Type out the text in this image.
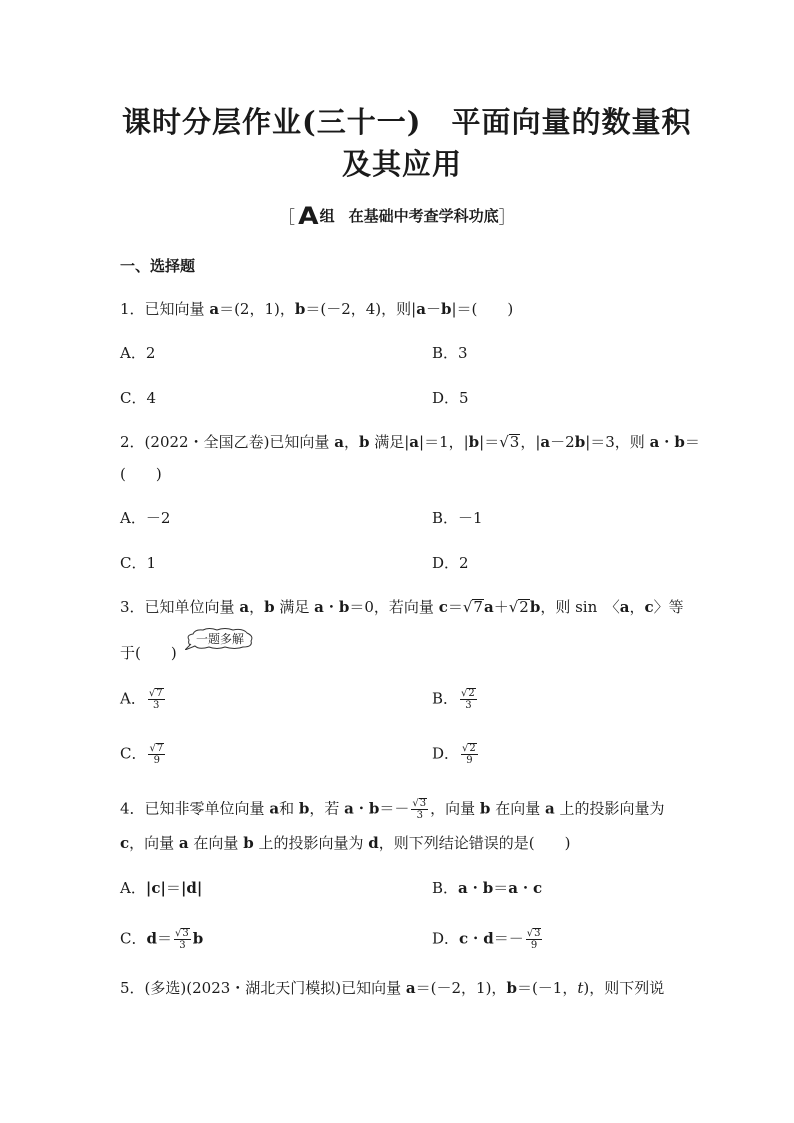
课时分层作业(三十一)　平面向量的数量积
及其应用
［ A 组 在基础中考查学科功底 ］
一、选择题
1．已知向量 a＝(2，1)，b＝(－2，4)，则|a－b|＝(　　)
A．2	B．3
C．4	D．5
2．(2022・全国乙卷)已知向量 a，b 满足|a|＝1，|b|＝√3，|a－2b|＝3，则 a・b＝
(　　)
A．－2	B．－1
C．1	D．2
3．已知单位向量 a，b 满足 a・b＝0，若向量 c＝√7a＋√2b，则 sin　〈a，c〉等
于(　　)
一题多解
A． $\frac{√7}{3}$	B． $\frac{√2}{3}$
C． $\frac{√7}{9}$	D． $\frac{√2}{9}$
4．已知非零单位向量 a和 b，若 a・$b=- \frac{√3}{3}$ ，向量 b 在向量 a 上的投影向量为
c，向量 a 在向量 b 上的投影向量为 d，则下列结论错误的是(　　)
A．|c|＝|d|	B．a・b＝a・c
C．$d= \frac{√3}{3}$ b	D．c・$d=- \frac{√3}{9}$
5．(多选)(2023・湖北天门模拟)已知向量 a＝(－2，1)，b＝(－1，t)，则下列说
